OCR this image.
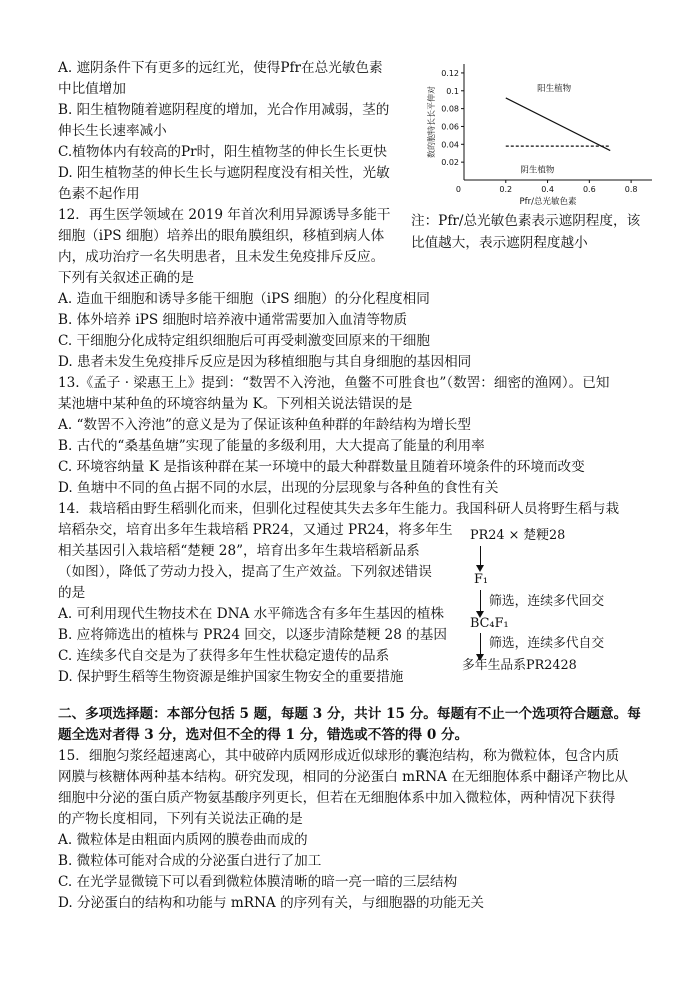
A. 遮阴条件下有更多的远红光，使得Pfr在总光敏色素
中比值增加
B. 阳生植物随着遮阴程度的增加，光合作用减弱，茎的
伸长生长速率减小
C.植物体内有较高的Pr时，阳生植物茎的伸长生长更快
D. 阳生植物茎的伸长生长与遮阴程度没有相关性，光敏
色素不起作用	0	0.2	0.4	0.6	0.8
0.02
0.04
0.06
0.08
0.1
0.12
Pfr/总光敏色素
数的胞特长长平伸对	阳生植物
阴生植物
注：Pfr/总光敏色素表示遮阴程度，该
比值越大，表示遮阴程度越小
12．再生医学领域在 2019 年首次利用异源诱导多能干
细胞（iPS 细胞）培养出的眼角膜组织，移植到病人体
内，成功治疗一名失明患者，且未发生免疫排斥反应。
下列有关叙述正确的是
A. 造血干细胞和诱导多能干细胞（iPS 细胞）的分化程度相同
B. 体外培养 iPS 细胞时培养液中通常需要加入血清等物质
C. 干细胞分化成特定组织细胞后可再受刺激变回原来的干细胞
D. 患者未发生免疫排斥反应是因为移植细胞与其自身细胞的基因相同
13.《孟子 · 梁惠王上》提到：“数罟不入洿池，鱼鳖不可胜食也”（数罟：细密的渔网）。已知
某池塘中某种鱼的环境容纳量为 K。下列相关说法错误的是
A. “数罟不入洿池”的意义是为了保证该种鱼种群的年龄结构为增长型
B. 古代的“桑基鱼塘”实现了能量的多级利用，大大提高了能量的利用率
C. 环境容纳量 K 是指该种群在某一环境中的最大种群数量且随着环境条件的环境而改变
D. 鱼塘中不同的鱼占据不同的水层，出现的分层现象与各种鱼的食性有关
14．栽培稻由野生稻驯化而来，但驯化过程使其失去多年生能力。我国科研人员将野生稻与栽
培稻杂交，培育出多年生栽培稻 PR24，又通过 PR24，将多年生
相关基因引入栽培稻“楚粳 28”，培育出多年生栽培稻新品系
（如图），降低了劳动力投入，提高了生产效益。下列叙述错误
的是
A. 可利用现代生物技术在 DNA 水平筛选含有多年生基因的植株
B. 应将筛选出的植株与 PR24 回交，以逐步清除楚粳 28 的基因
C. 连续多代自交是为了获得多年生性状稳定遗传的品系
D. 保护野生稻等生物资源是维护国家生物安全的重要措施
PR24 × 楚粳28
F₁
筛选，连续多代回交
BC₄F₁
筛选，连续多代自交
多年生品系PR2428
二、多项选择题：本部分包括 5 题，每题 3 分，共计 15 分。每题有不止一个选项符合题意。每
题全选对者得 3 分，选对但不全的得 1 分，错选或不答的得 0 分。
15．细胞匀浆经超速离心，其中破碎内质网形成近似球形的囊泡结构，称为微粒体，包含内质
网膜与核糖体两种基本结构。研究发现，相同的分泌蛋白 mRNA 在无细胞体系中翻译产物比从
细胞中分泌的蛋白质产物氨基酸序列更长，但若在无细胞体系中加入微粒体，两种情况下获得
的产物长度相同，下列有关说法正确的是
A. 微粒体是由粗面内质网的膜卷曲而成的
B. 微粒体可能对合成的分泌蛋白进行了加工
C. 在光学显微镜下可以看到微粒体膜清晰的暗一亮一暗的三层结构
D. 分泌蛋白的结构和功能与 mRNA 的序列有关，与细胞器的功能无关
